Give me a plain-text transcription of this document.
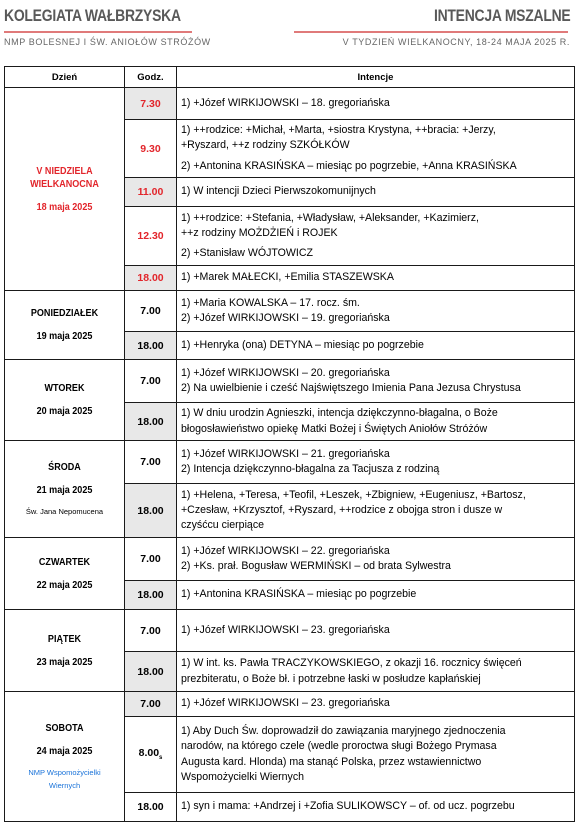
KOLEGIATA WAŁBRZYSKA
NMP BOLESNEJ I ŚW. ANIOŁÓW STRÓŻÓW
INTENCJA MSZALNE
V TYDZIEŃ WIELKANOCNY, 18-24 MAJA 2025 R.
Dzień	Godz.	Intencje

V NIEDZIELA
WIELKANOCNA
18 maja 2025	7.30	1) +Józef WIRKIJOWSKI – 18. gregoriańska

	9.30	1) ++rodzice: +Michał, +Marta, +siostra Krystyna, ++bracia: +Jerzy,
+Ryszard, ++z rodziny SZKÓŁKÓW
2) +Antonina KRASIŃSKA – miesiąc po pogrzebie, +Anna KRASIŃSKA

	11.00	1) W intencji Dzieci Pierwszokomunijnych

	12.30	1) ++rodzice: +Stefania, +Władysław, +Aleksander, +Kazimierz,
++z rodziny MOŻDŻIEŃ i ROJEK
2) +Stanisław WÓJTOWICZ

	18.00	1) +Marek MAŁECKI, +Emilia STASZEWSKA

PONIEDZIAŁEK
19 maja 2025	7.00	1) +Maria KOWALSKA – 17. rocz. śm.
2) +Józef WIRKIJOWSKI – 19. gregoriańska

	18.00	1) +Henryka (ona) DETYNA – miesiąc po pogrzebie

WTOREK
20 maja 2025	7.00	1) +Józef WIRKIJOWSKI – 20. gregoriańska
2) Na uwielbienie i cześć Najświętszego Imienia Pana Jezusa Chrystusa

	18.00	1) W dniu urodzin Agnieszki, intencja dziękczynno-błagalna, o Boże
błogosławieństwo opiekę Matki Bożej i Świętych Aniołów Stróżów

ŚRODA
21 maja 2025
Św. Jana Nepomucena	7.00	1) +Józef WIRKIJOWSKI – 21. gregoriańska
2) Intencja dziękczynno-błagalna za Tacjusza z rodziną

	18.00	1) +Helena, +Teresa, +Teofil, +Leszek, +Zbigniew, +Eugeniusz, +Bartosz,
+Czesław, +Krzysztof, +Ryszard, ++rodzice z obojga stron i dusze w
czyśćcu cierpiące

CZWARTEK
22 maja 2025	7.00	1) +Józef WIRKIJOWSKI – 22. gregoriańska
2) +Ks. prał. Bogusław WERMIŃSKI – od brata Sylwestra

	18.00	1) +Antonina KRASIŃSKA – miesiąc po pogrzebie

PIĄTEK
23 maja 2025	7.00	1) +Józef WIRKIJOWSKI – 23. gregoriańska

	18.00	1) W int. ks. Pawła TRACZYKOWSKIEGO, z okazji 16. rocznicy święceń
prezbiteratu, o Boże bł. i potrzebne łaski w posłudze kapłańskiej

SOBOTA
24 maja 2025
NMP Wspomożycielki
Wiernych	7.00	1) +Józef WIRKIJOWSKI – 23. gregoriańska

	$8.00_s$	1) Aby Duch Św. doprowadził do zawiązania maryjnego zjednoczenia
narodów, na którego czele (wedle proroctwa sługi Bożego Prymasa
Augusta kard. Hlonda) ma stanąć Polska, przez wstawiennictwo
Wspomożycielki Wiernych

	18.00	1) syn i mama: +Andrzej i +Zofia SULIKOWSCY – of. od ucz. pogrzebu
